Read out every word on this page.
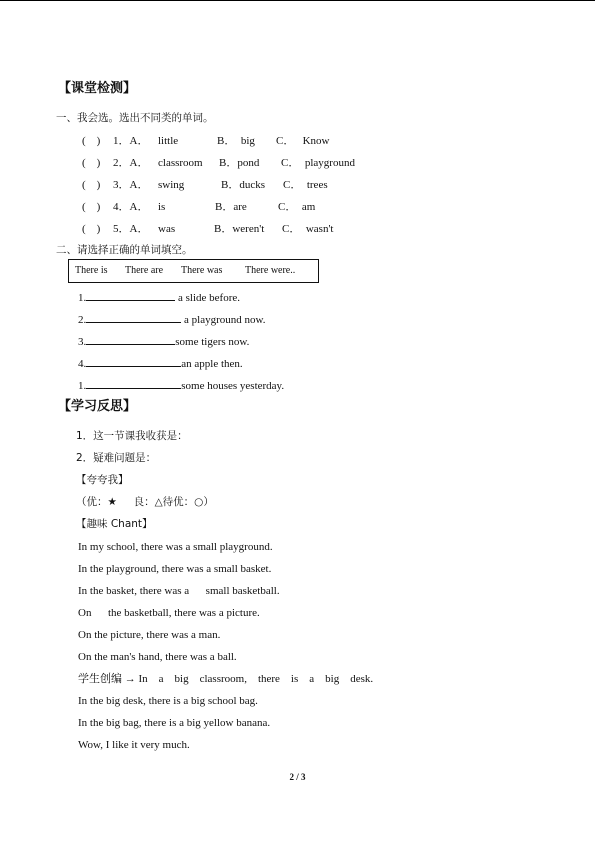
【课堂检测】
一、我会选。选出不同类的单词。
(    ) 1．A． little	B．  big C．   Know
(    ) 2．A． classroom B．pond C．  playground
(    ) 3．A． swing	B．ducks C．  trees
(    ) 4．A． is	B．are	C．  am
(    ) 5．A． was	B．weren't C．  wasn't
二、请选择正确的单词填空。
There is There are There was There were..
1.	a slide before.
2.	a playground now.
3.	some tigers now.
4.	an apple then.
1.	some houses yesterday.
【学习反思】
1．这一节课我收获是：
2．疑难问题是：
【夸夸我】
（优：★     良：△待优：○）
【趣味 Chant】
In my school, there was a small playground.
In the playground, there was a small basket.
In the basket, there was a      small basketball.
On      the basketball, there was a picture.
On the picture, there was a man.
On the man's hand, there was a ball.
学生创编 → In    a    big    classroom,    there    is    a    big    desk.
In the big desk, there is a big school bag.
In the big bag, there is a big yellow banana.
Wow, I like it very much.
2 / 3
